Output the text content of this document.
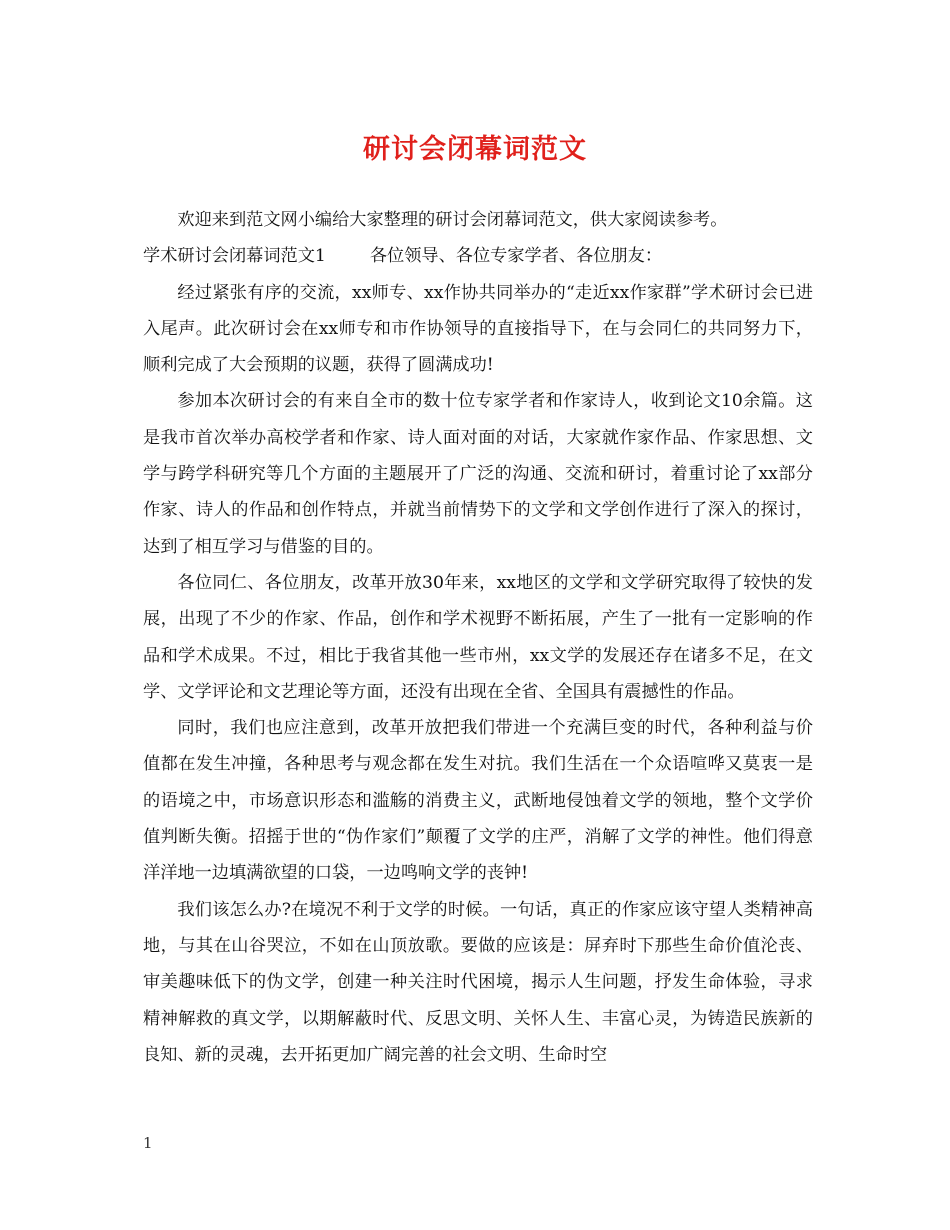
研讨会闭幕词范文

欢迎来到范文网小编给大家整理的研讨会闭幕词范文，供大家阅读参考。

学术研讨会闭幕词范文1	各位领导、各位专家学者、各位朋友：

经过紧张有序的交流，xx师专、xx作协共同举办的“走近xx作家群”学术研讨会已进入尾声。此次研讨会在xx师专和市作协领导的直接指导下，在与会同仁的共同努力下，顺利完成了大会预期的议题，获得了圆满成功!

参加本次研讨会的有来自全市的数十位专家学者和作家诗人，收到论文10余篇。这是我市首次举办高校学者和作家、诗人面对面的对话，大家就作家作品、作家思想、文学与跨学科研究等几个方面的主题展开了广泛的沟通、交流和研讨，着重讨论了xx部分作家、诗人的作品和创作特点，并就当前情势下的文学和文学创作进行了深入的探讨，达到了相互学习与借鉴的目的。

各位同仁、各位朋友，改革开放30年来，xx地区的文学和文学研究取得了较快的发展，出现了不少的作家、作品，创作和学术视野不断拓展，产生了一批有一定影响的作品和学术成果。不过，相比于我省其他一些市州，xx文学的发展还存在诸多不足，在文学、文学评论和文艺理论等方面，还没有出现在全省、全国具有震撼性的作品。

同时，我们也应注意到，改革开放把我们带进一个充满巨变的时代，各种利益与价值都在发生冲撞，各种思考与观念都在发生对抗。我们生活在一个众语喧哗又莫衷一是的语境之中，市场意识形态和滥觞的消费主义，武断地侵蚀着文学的领地，整个文学价值判断失衡。招摇于世的“伪作家们”颠覆了文学的庄严，消解了文学的神性。他们得意洋洋地一边填满欲望的口袋，一边鸣响文学的丧钟!

我们该怎么办?在境况不利于文学的时候。一句话，真正的作家应该守望人类精神高地，与其在山谷哭泣，不如在山顶放歌。要做的应该是：屏弃时下那些生命价值沦丧、审美趣味低下的伪文学，创建一种关注时代困境，揭示人生问题，抒发生命体验，寻求精神解救的真文学，以期解蔽时代、反思文明、关怀人生、丰富心灵，为铸造民族新的良知、新的灵魂，去开拓更加广阔完善的社会文明、生命时空

1
